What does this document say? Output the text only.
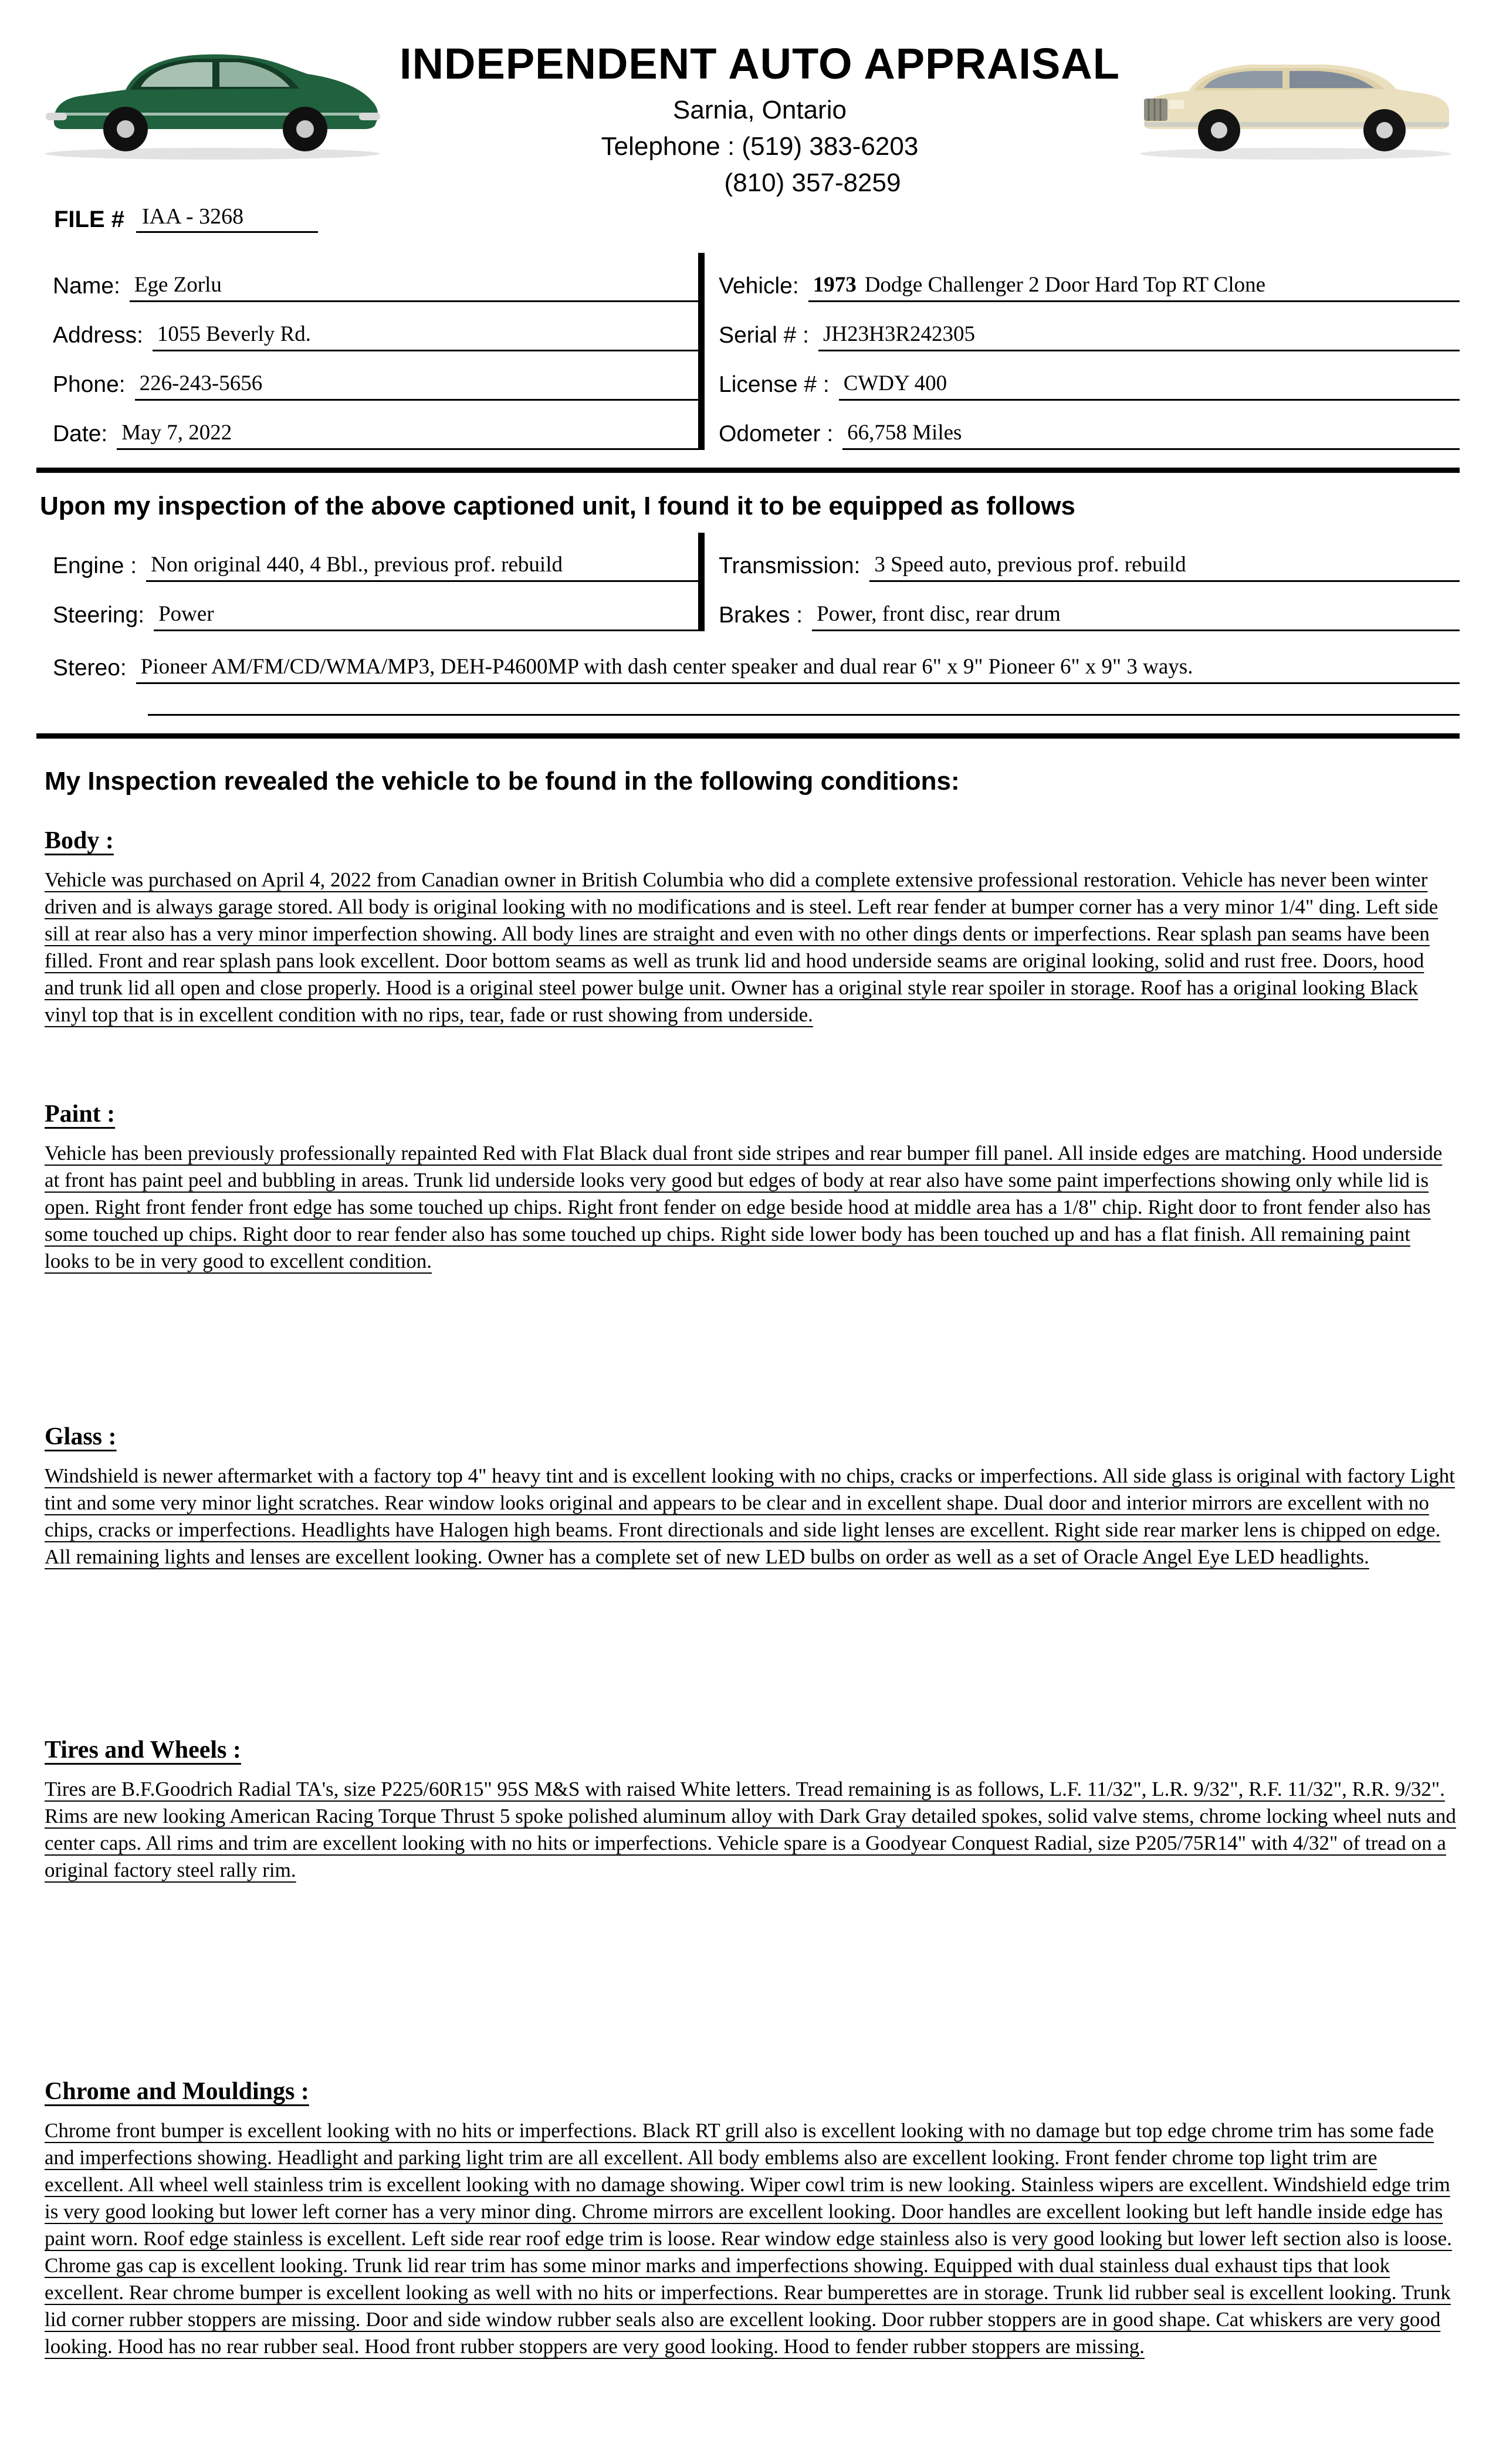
INDEPENDENT AUTO APPRAISAL
Sarnia, Ontario
Telephone : (519) 383-6203
(810) 357-8259
FILE # IAA - 3268
Name: Ege Zorlu
Address: 1055 Beverly Rd.
Phone: 226-243-5656
Date: May 7, 2022
Vehicle: 1973 Dodge Challenger 2 Door Hard Top RT Clone
Serial # : JH23H3R242305
License # : CWDY 400
Odometer : 66,758 Miles
Upon my inspection of the above captioned unit, I found it to be equipped as follows
Engine : Non original 440, 4 Bbl., previous prof. rebuild
Steering: Power
Transmission: 3 Speed auto, previous prof. rebuild
Brakes : Power, front disc, rear drum
Stereo: Pioneer AM/FM/CD/WMA/MP3, DEH-P4600MP with dash center speaker and dual rear 6" x 9" Pioneer 6" x 9" 3 ways.
My Inspection revealed the vehicle to be found in the following conditions:
Body :
Vehicle was purchased on April 4, 2022 from Canadian owner in British Columbia who did a complete extensive professional restoration. Vehicle has never been winter driven and is always garage stored. All body is original looking with no modifications and is steel. Left rear fender at bumper corner has a very minor 1/4" ding. Left side sill at rear also has a very minor imperfection showing. All body lines are straight and even with no other dings dents or imperfections. Rear splash pan seams have been filled. Front and rear splash pans look excellent. Door bottom seams as well as trunk lid and hood underside seams are original looking, solid and rust free. Doors, hood and trunk lid all open and close properly. Hood is a original steel power bulge unit. Owner has a original style rear spoiler in storage. Roof has a original looking Black vinyl top that is in excellent condition with no rips, tear, fade or rust showing from underside.
Paint :
Vehicle has been previously professionally repainted Red with Flat Black dual front side stripes and rear bumper fill panel. All inside edges are matching. Hood underside at front has paint peel and bubbling in areas. Trunk lid underside looks very good but edges of body at rear also have some paint imperfections showing only while lid is open. Right front fender front edge has some touched up chips. Right front fender on edge beside hood at middle area has a 1/8" chip. Right door to front fender also has some touched up chips. Right door to rear fender also has some touched up chips. Right side lower body has been touched up and has a flat finish. All remaining paint looks to be in very good to excellent condition.
Glass :
Windshield is newer aftermarket with a factory top 4" heavy tint and is excellent looking with no chips, cracks or imperfections. All side glass is original with factory Light tint and some very minor light scratches. Rear window looks original and appears to be clear and in excellent shape. Dual door and interior mirrors are excellent with no chips, cracks or imperfections. Headlights have Halogen high beams. Front directionals and side light lenses are excellent. Right side rear marker lens is chipped on edge. All remaining lights and lenses are excellent looking. Owner has a complete set of new LED bulbs on order as well as a set of Oracle Angel Eye LED headlights.
Tires and Wheels :
Tires are B.F.Goodrich Radial TA's, size P225/60R15" 95S M&S with raised White letters. Tread remaining is as follows, L.F. 11/32", L.R. 9/32", R.F. 11/32", R.R. 9/32". Rims are new looking American Racing Torque Thrust 5 spoke polished aluminum alloy with Dark Gray detailed spokes, solid valve stems, chrome locking wheel nuts and center caps. All rims and trim are excellent looking with no hits or imperfections. Vehicle spare is a Goodyear Conquest Radial, size P205/75R14" with 4/32" of tread on a original factory steel rally rim.
Chrome and Mouldings :
Chrome front bumper is excellent looking with no hits or imperfections. Black RT grill also is excellent looking with no damage but top edge chrome trim has some fade and imperfections showing. Headlight and parking light trim are all excellent. All body emblems also are excellent looking. Front fender chrome top light trim are excellent. All wheel well stainless trim is excellent looking with no damage showing. Wiper cowl trim is new looking. Stainless wipers are excellent. Windshield edge trim is very good looking but lower left corner has a very minor ding. Chrome mirrors are excellent looking. Door handles are excellent looking but left handle inside edge has paint worn. Roof edge stainless is excellent. Left side rear roof edge trim is loose. Rear window edge stainless also is very good looking but lower left section also is loose. Chrome gas cap is excellent looking. Trunk lid rear trim has some minor marks and imperfections showing. Equipped with dual stainless dual exhaust tips that look excellent. Rear chrome bumper is excellent looking as well with no hits or imperfections. Rear bumperettes are in storage. Trunk lid rubber seal is excellent looking. Trunk lid corner rubber stoppers are missing. Door and side window rubber seals also are excellent looking. Door rubber stoppers are in good shape. Cat whiskers are very good looking. Hood has no rear rubber seal. Hood front rubber stoppers are very good looking. Hood to fender rubber stoppers are missing.
